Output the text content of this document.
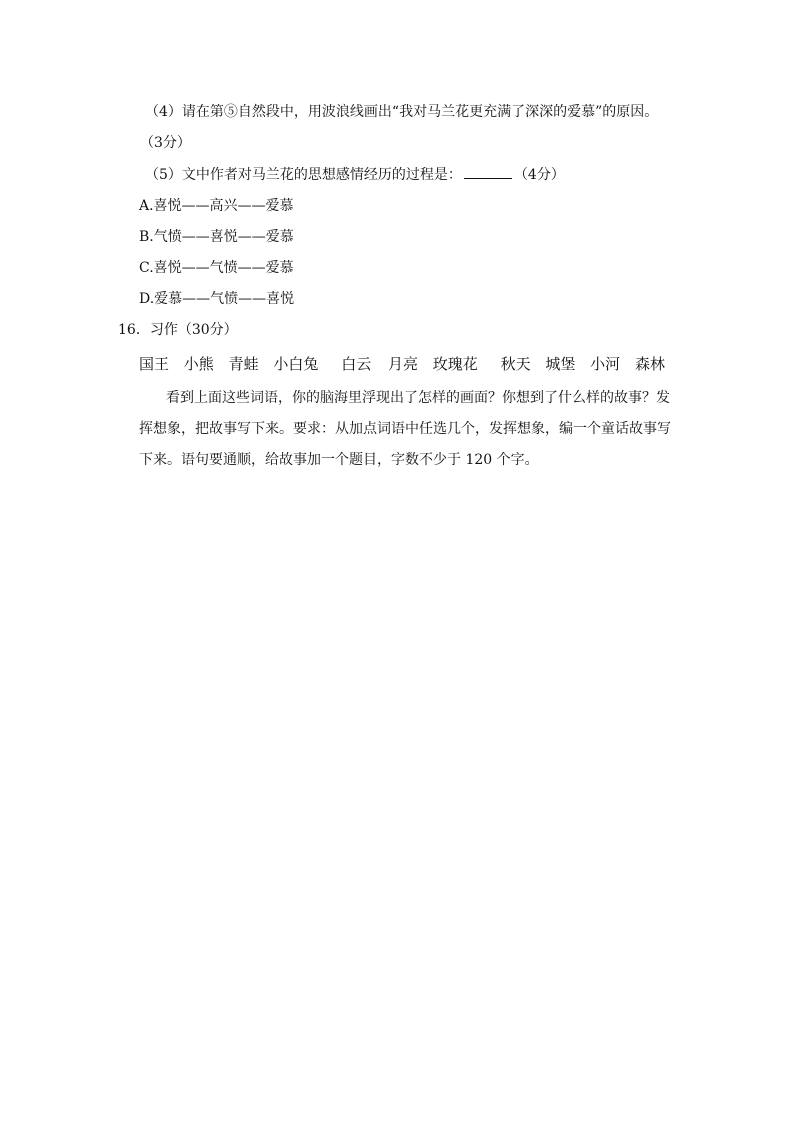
（4）请在第⑤自然段中，用波浪线画出“我对马兰花更充满了深深的爱慕”的原因。
（3分）
（5）文中作者对马兰花的思想感情经历的过程是：	（4分）
A.喜悦——高兴——爱慕
B.气愤——喜悦——爱慕
C.喜悦——气愤——爱慕
D.爱慕——气愤——喜悦
16．习作（30分）
国王 小熊 青蛙 小白兔 白云 月亮 玫瑰花 秋天 城堡 小河 森林
看到上面这些词语，你的脑海里浮现出了怎样的画面？你想到了什么样的故事？发
挥想象，把故事写下来。要求：从加点词语中任选几个，发挥想象，编一个童话故事写
下来。语句要通顺，给故事加一个题目，字数不少于 120 个字。
